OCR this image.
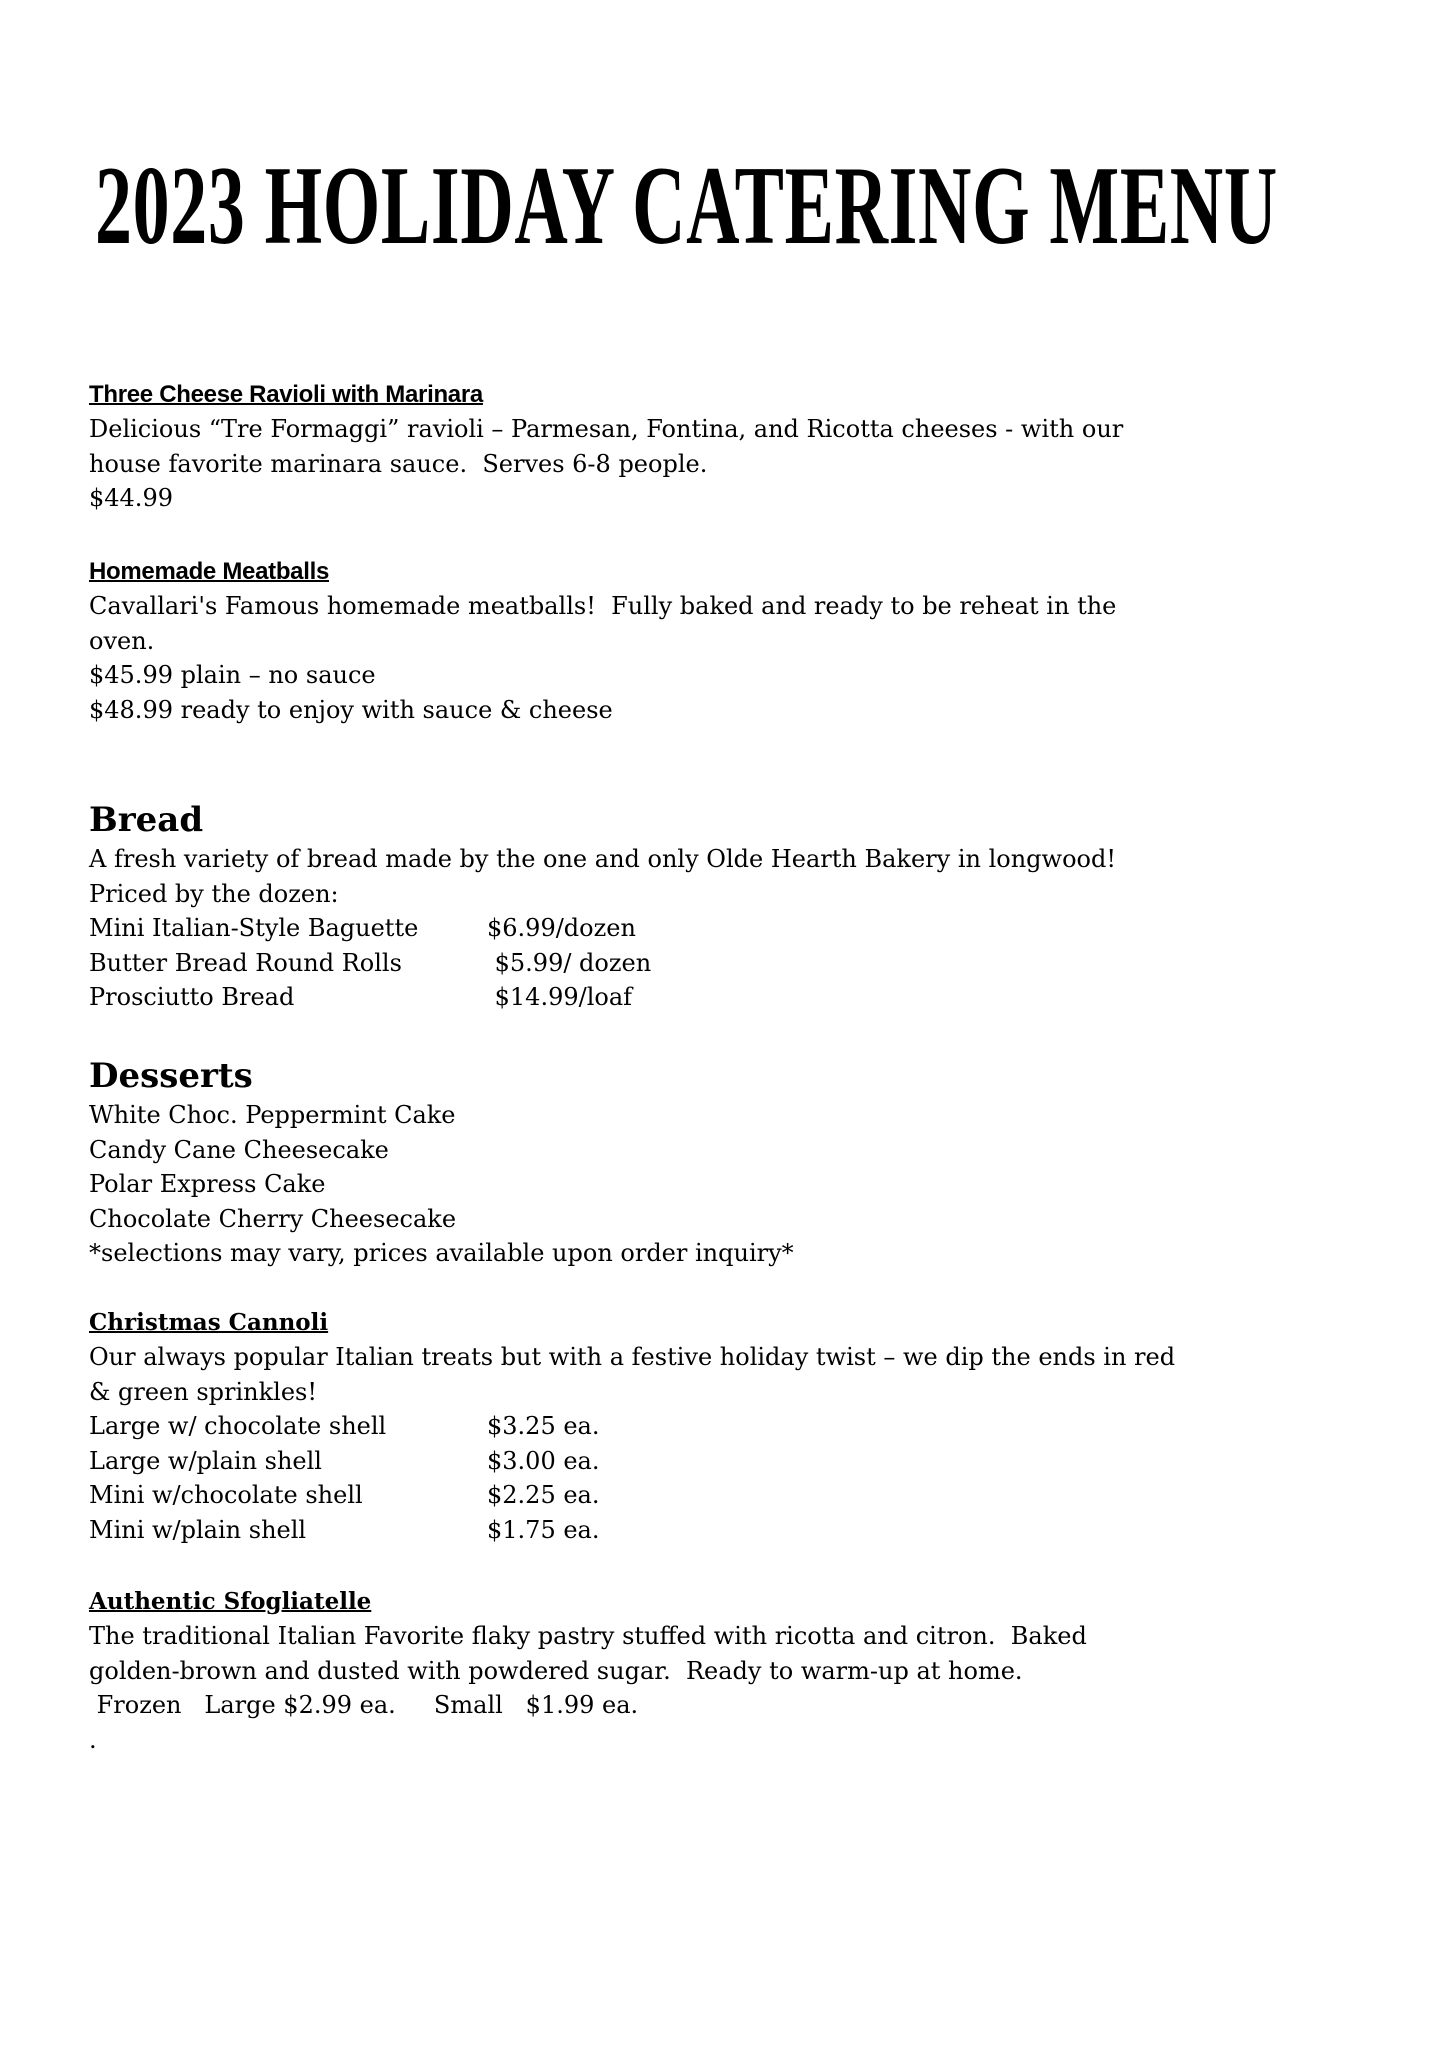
2023 HOLIDAY CATERING MENU
Three Cheese Ravioli with Marinara
Delicious “Tre Formaggi” ravioli – Parmesan, Fontina, and Ricotta cheeses - with our
house favorite marinara sauce.  Serves 6-8 people.
$44.99
Homemade Meatballs
Cavallari's Famous homemade meatballs!  Fully baked and ready to be reheat in the
oven.
$45.99 plain – no sauce
$48.99 ready to enjoy with sauce & cheese
Bread
A fresh variety of bread made by the one and only Olde Hearth Bakery in longwood!
Priced by the dozen:
Mini Italian-Style Baguette	$6.99/dozen
Butter Bread Round Rolls	$5.99/ dozen
Prosciutto Bread	$14.99/loaf
Desserts
White Choc. Peppermint Cake
Candy Cane Cheesecake
Polar Express Cake
Chocolate Cherry Cheesecake
*selections may vary, prices available upon order inquiry*
Christmas Cannoli
Our always popular Italian treats but with a festive holiday twist – we dip the ends in red
& green sprinkles!
Large w/ chocolate shell	$3.25 ea.
Large w/plain shell	$3.00 ea.
Mini w/chocolate shell	$2.25 ea.
Mini w/plain shell	$1.75 ea.
Authentic Sfogliatelle
The traditional Italian Favorite flaky pastry stuffed with ricotta and citron.  Baked
golden-brown and dusted with powdered sugar.  Ready to warm-up at home.
Frozen   Large $2.99 ea.     Small   $1.99 ea.
.
